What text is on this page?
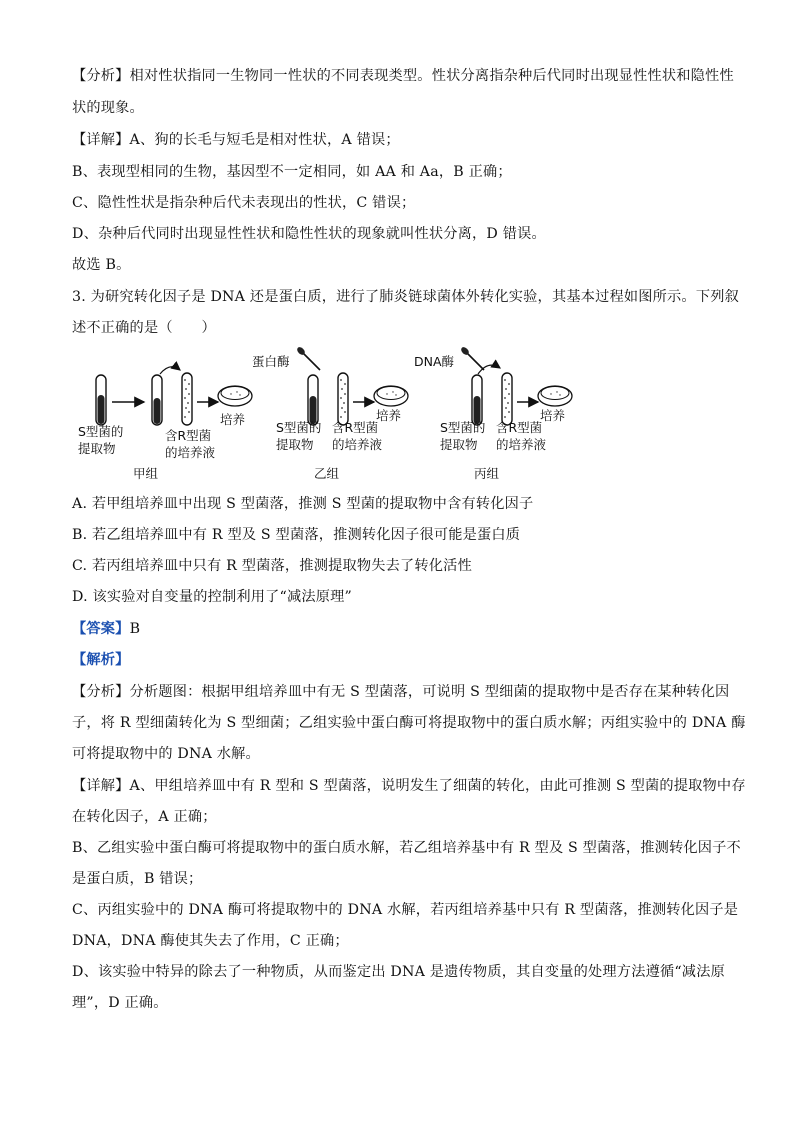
【分析】相对性状指同一生物同一性状的不同表现类型。性状分离指杂种后代同时出现显性性状和隐性性
状的现象。
【详解】A、狗的长毛与短毛是相对性状，A 错误；
B、表现型相同的生物，基因型不一定相同，如 AA 和 Aa，B 正确；
C、隐性性状是指杂种后代未表现出的性状，C 错误；
D、杂种后代同时出现显性性状和隐性性状的现象就叫性状分离，D 错误。
故选 B。
3. 为研究转化因子是 DNA 还是蛋白质，进行了肺炎链球菌体外转化实验，其基本过程如图所示。下列叙
述不正确的是（　　）
培养
S型菌的
提取物
含R型菌
的培养液
甲组
蛋白酶
培养
S型菌的
提取物
含R型菌
的培养液
乙组
DNA酶
培养
S型菌的
提取物
含R型菌
的培养液
丙组
A. 若甲组培养皿中出现 S 型菌落，推测 S 型菌的提取物中含有转化因子
B. 若乙组培养皿中有 R 型及 S 型菌落，推测转化因子很可能是蛋白质
C. 若丙组培养皿中只有 R 型菌落，推测提取物失去了转化活性
D. 该实验对自变量的控制利用了“减法原理”
【答案】B
【解析】
【分析】分析题图：根据甲组培养皿中有无 S 型菌落，可说明 S 型细菌的提取物中是否存在某种转化因
子，将 R 型细菌转化为 S 型细菌；乙组实验中蛋白酶可将提取物中的蛋白质水解；丙组实验中的 DNA 酶
可将提取物中的 DNA 水解。
【详解】A、甲组培养皿中有 R 型和 S 型菌落，说明发生了细菌的转化，由此可推测 S 型菌的提取物中存
在转化因子，A 正确；
B、乙组实验中蛋白酶可将提取物中的蛋白质水解，若乙组培养基中有 R 型及 S 型菌落，推测转化因子不
是蛋白质，B 错误；
C、丙组实验中的 DNA 酶可将提取物中的 DNA 水解，若丙组培养基中只有 R 型菌落，推测转化因子是
DNA，DNA 酶使其失去了作用，C 正确；
D、该实验中特异的除去了一种物质，从而鉴定出 DNA 是遗传物质，其自变量的处理方法遵循“减法原
理”，D 正确。
